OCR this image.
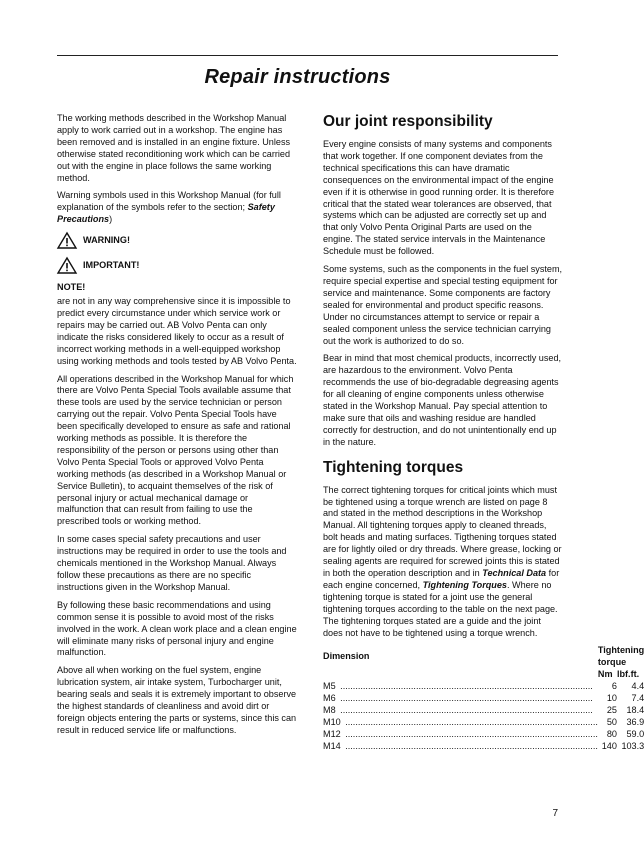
Repair instructions

The working methods described in the Workshop Manual apply to work carried out in a workshop. The engine has been removed and is installed in an engine fixture. Unless otherwise stated reconditioning work which can be carried out with the engine in place follows the same working method.

Warning symbols used in this Workshop Manual (for full explanation of the symbols refer to the section; Safety Precautions)

WARNING!
IMPORTANT!
NOTE!

are not in any way comprehensive since it is impossible to predict every circumstance under which service work or repairs may be carried out. AB Volvo Penta can only indicate the risks considered likely to occur as a result of incorrect working methods in a well-equipped workshop using working methods and tools tested by AB Volvo Penta.

All operations described in the Workshop Manual for which there are Volvo Penta Special Tools available assume that these tools are used by the service technician or person carrying out the repair. Volvo Penta Special Tools have been specifically developed to ensure as safe and rational working methods as possible. It is therefore the responsibility of the person or persons using other than Volvo Penta Special Tools or approved Volvo Penta working methods (as described in a Workshop Manual or Service Bulletin), to acquaint themselves of the risk of personal injury or actual mechanical damage or malfunction that can result from failing to use the prescribed tools or working method.

In some cases special safety precautions and user instructions may be required in order to use the tools and chemicals mentioned in the Workshop Manual. Always follow these precautions as there are no specific instructions given in the Workshop Manual.

By following these basic recommendations and using common sense it is possible to avoid most of the risks involved in the work. A clean work place and a clean engine will eliminate many risks of personal injury and engine malfunction.

Above all when working on the fuel system, engine lubrication system, air intake system, Turbocharger unit, bearing seals and seals it is extremely important to observe the highest standards of cleanliness and avoid dirt or foreign objects entering the parts or systems, since this can result in reduced service life or malfunctions.

Our joint responsibility

Every engine consists of many systems and components that work together. If one component deviates from the technical specifications this can have dramatic consequences on the environmental impact of the engine even if it is otherwise in good running order. It is therefore critical that the stated wear tolerances are observed, that systems which can be adjusted are correctly set up and that only Volvo Penta Original Parts are used on the engine. The stated service intervals in the Maintenance Schedule must be followed.

Some systems, such as the components in the fuel system, require special expertise and special testing equipment for service and maintenance. Some components are factory sealed for environmental and product specific reasons. Under no circumstances attempt to service or repair a sealed component unless the service technician carrying out the work is authorized to do so.

Bear in mind that most chemical products, incorrectly used, are hazardous to the environment. Volvo Penta recommends the use of bio-degradable degreasing agents for all cleaning of engine components unless otherwise stated in the Workshop Manual. Pay special attention to make sure that oils and washing residue are handled correctly for destruction, and do not unintentionally end up in the nature.

Tightening torques

The correct tightening torques for critical joints which must be tightened using a torque wrench are listed on page 8 and stated in the method descriptions in the Workshop Manual. All tightening torques apply to cleaned threads, bolt heads and mating surfaces. Tigthening torques stated are for lightly oiled or dry threads. Where grease, locking or sealing agents are required for screwed joints this is stated in both the operation description and in Technical Data for each engine concerned, Tightening Torques. Where no tightening torque is stated for a joint use the general tightening torques according to the table on the next page. The tightening torques stated are a guide and the joint does not have to be tightened using a torque wrench.

Dimension	Tightening torque	
	Nm	lbf.ft.
M5 ....................................................................................................	6	4.4
M6 ....................................................................................................	10	7.4
M8 ....................................................................................................	25	18.4
M10 ....................................................................................................	50	36.9
M12 ....................................................................................................	80	59.0
M14 ....................................................................................................	140	103.3
7
